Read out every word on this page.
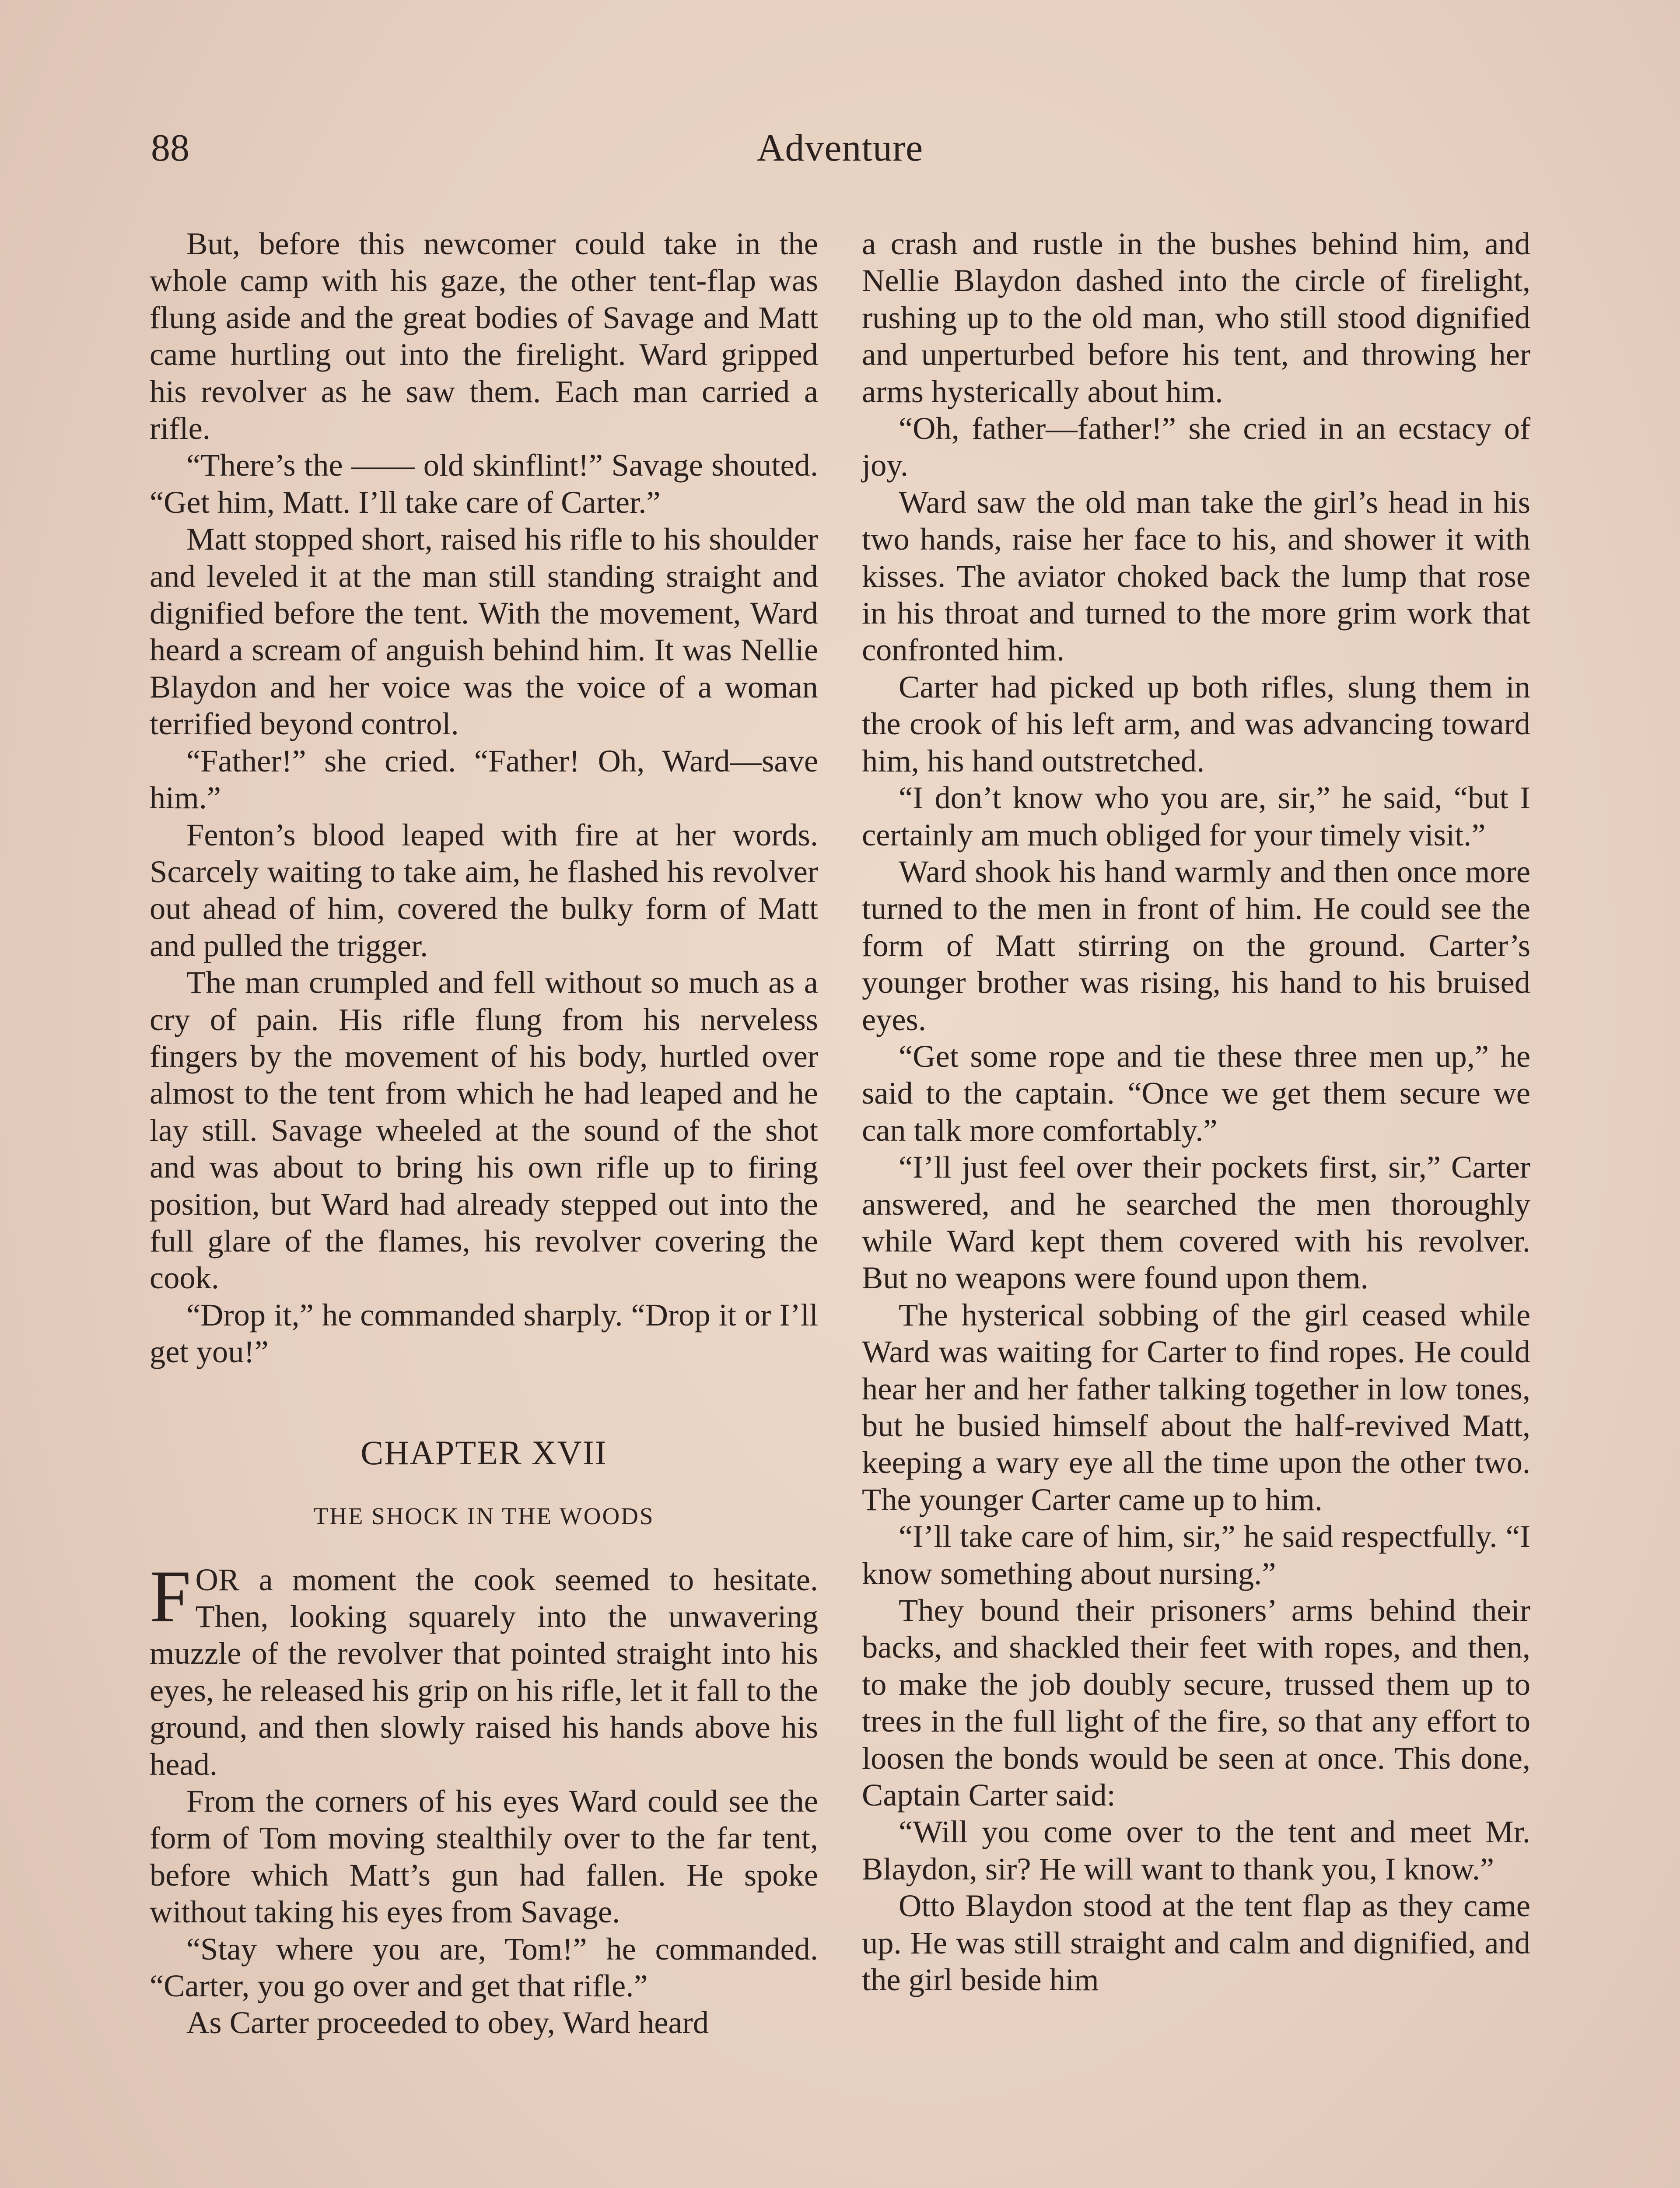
88	Adventure

But, before this newcomer could take in the whole camp with his gaze, the other tent-flap was flung aside and the great bodies of Savage and Matt came hurtling out into the firelight. Ward gripped his revolver as he saw them. Each man carried a rifle.

“There’s the —— old skinflint!” Savage shouted. “Get him, Matt. I’ll take care of Carter.”

Matt stopped short, raised his rifle to his shoulder and leveled it at the man still standing straight and dignified before the tent. With the movement, Ward heard a scream of anguish behind him. It was Nellie Blaydon and her voice was the voice of a woman terrified beyond control.

“Father!” she cried. “Father! Oh, Ward—save him.”

Fenton’s blood leaped with fire at her words. Scarcely waiting to take aim, he flashed his revolver out ahead of him, covered the bulky form of Matt and pulled the trigger.

The man crumpled and fell without so much as a cry of pain. His rifle flung from his nerveless fingers by the movement of his body, hurtled over almost to the tent from which he had leaped and he lay still. Savage wheeled at the sound of the shot and was about to bring his own rifle up to firing position, but Ward had already stepped out into the full glare of the flames, his revolver covering the cook.

“Drop it,” he commanded sharply. “Drop it or I’ll get you!”

CHAPTER XVII
THE SHOCK IN THE WOODS

FOR a moment the cook seemed to hesitate. Then, looking squarely into the unwavering muzzle of the revolver that pointed straight into his eyes, he released his grip on his rifle, let it fall to the ground, and then slowly raised his hands above his head.

From the corners of his eyes Ward could see the form of Tom moving stealthily over to the far tent, before which Matt’s gun had fallen. He spoke without taking his eyes from Savage.

“Stay where you are, Tom!” he commanded. “Carter, you go over and get that rifle.”

As Carter proceeded to obey, Ward heard

a crash and rustle in the bushes behind him, and Nellie Blaydon dashed into the circle of firelight, rushing up to the old man, who still stood dignified and unperturbed before his tent, and throwing her arms hysterically about him.

“Oh, father—father!” she cried in an ecstacy of joy.

Ward saw the old man take the girl’s head in his two hands, raise her face to his, and shower it with kisses. The aviator choked back the lump that rose in his throat and turned to the more grim work that confronted him.

Carter had picked up both rifles, slung them in the crook of his left arm, and was advancing toward him, his hand outstretched.

“I don’t know who you are, sir,” he said, “but I certainly am much obliged for your timely visit.”

Ward shook his hand warmly and then once more turned to the men in front of him. He could see the form of Matt stirring on the ground. Carter’s younger brother was rising, his hand to his bruised eyes.

“Get some rope and tie these three men up,” he said to the captain. “Once we get them secure we can talk more comfortably.”

“I’ll just feel over their pockets first, sir,” Carter answered, and he searched the men thoroughly while Ward kept them covered with his revolver. But no weapons were found upon them.

The hysterical sobbing of the girl ceased while Ward was waiting for Carter to find ropes. He could hear her and her father talking together in low tones, but he busied himself about the half-revived Matt, keeping a wary eye all the time upon the other two. The younger Carter came up to him.

“I’ll take care of him, sir,” he said respectfully. “I know something about nursing.”

They bound their prisoners’ arms behind their backs, and shackled their feet with ropes, and then, to make the job doubly secure, trussed them up to trees in the full light of the fire, so that any effort to loosen the bonds would be seen at once. This done, Captain Carter said:

“Will you come over to the tent and meet Mr. Blaydon, sir? He will want to thank you, I know.”

Otto Blaydon stood at the tent flap as they came up. He was still straight and calm and dignified, and the girl beside him
